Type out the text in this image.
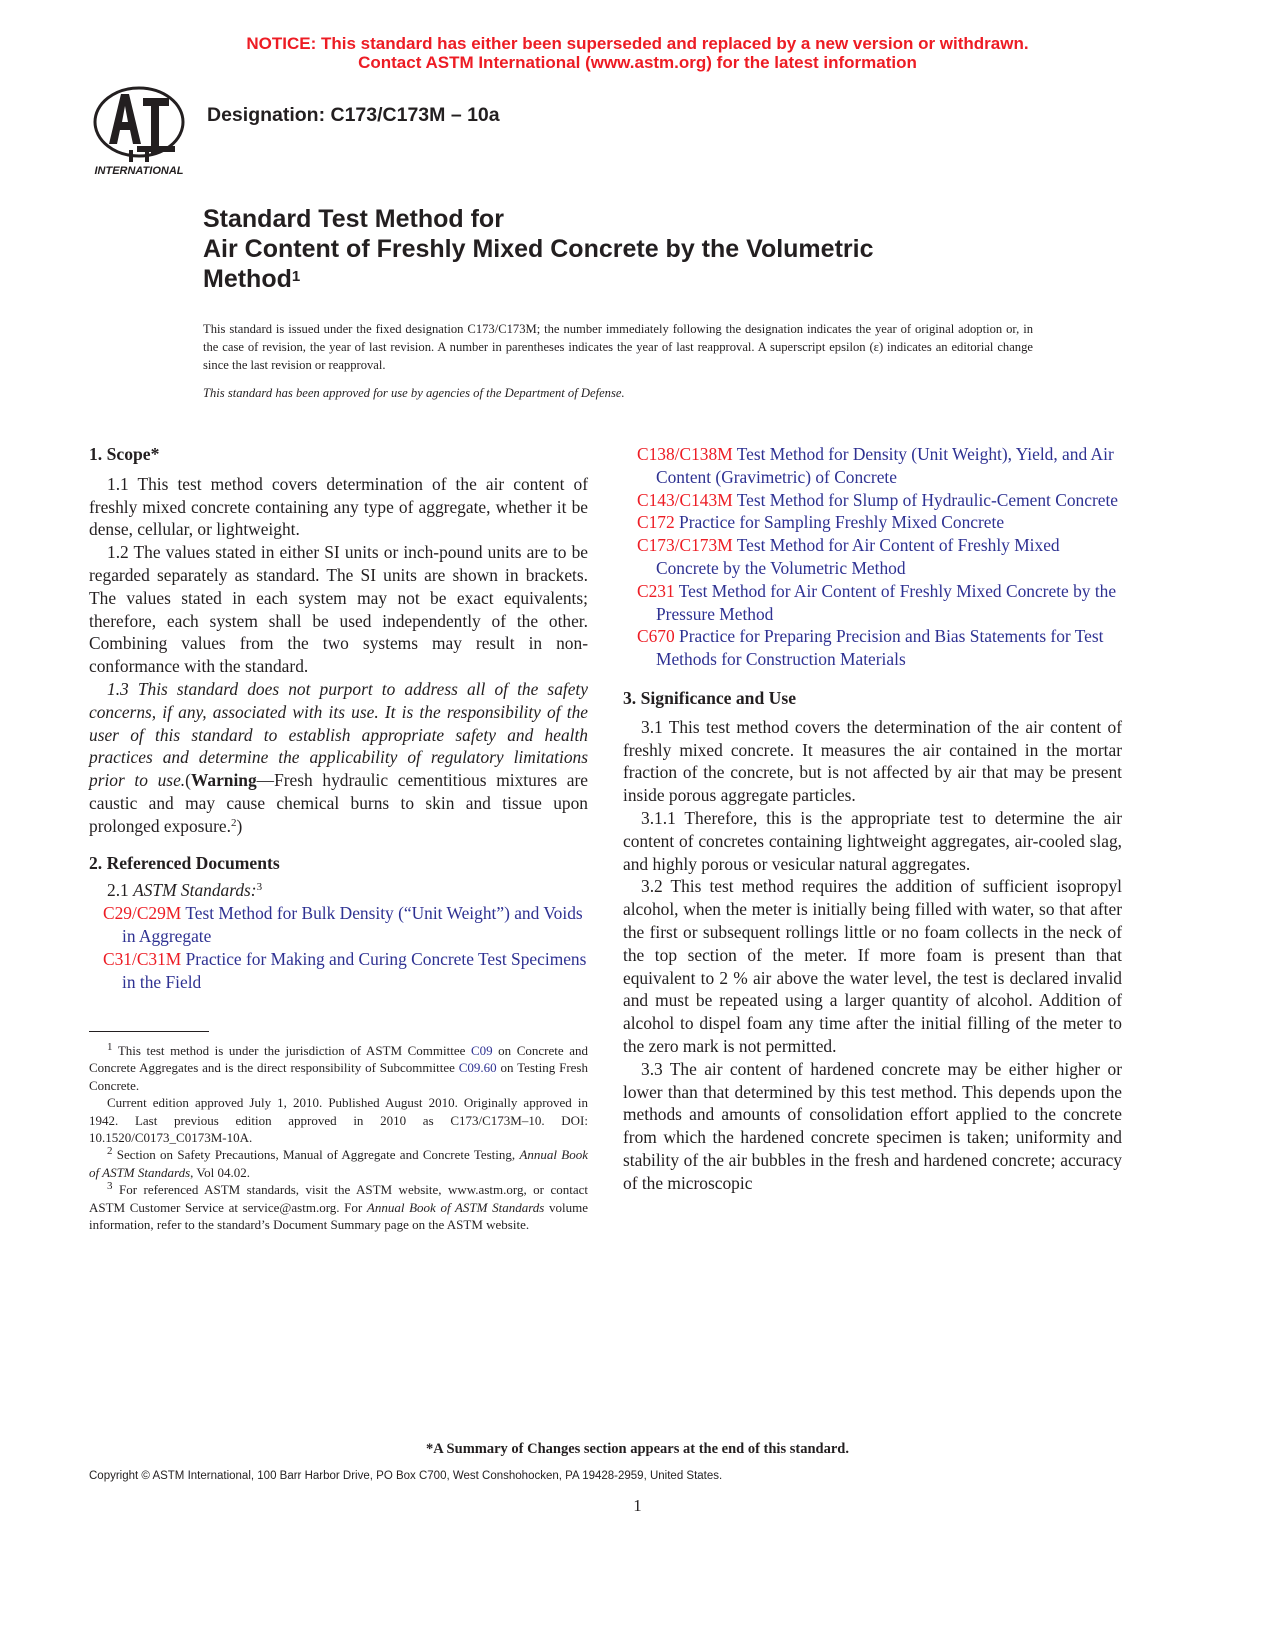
NOTICE: This standard has either been superseded and replaced by a new version or withdrawn.
Contact ASTM International (www.astm.org) for the latest information
INTERNATIONAL
Designation: C173/C173M – 10a
Standard Test Method for
Air Content of Freshly Mixed Concrete by the Volumetric
Method$^1$
This standard is issued under the fixed designation C173/C173M; the number immediately following the designation indicates the year of original adoption or, in the case of revision, the year of last revision. A number in parentheses indicates the year of last reapproval. A superscript epsilon (ε) indicates an editorial change since the last revision or reapproval.
This standard has been approved for use by agencies of the Department of Defense.
1. Scope*

1.1 This test method covers determination of the air content of freshly mixed concrete containing any type of aggregate, whether it be dense, cellular, or lightweight.

1.2 The values stated in either SI units or inch-pound units are to be regarded separately as standard. The SI units are shown in brackets. The values stated in each system may not be exact equivalents; therefore, each system shall be used independently of the other. Combining values from the two systems may result in non-conformance with the standard.

1.3 This standard does not purport to address all of the safety concerns, if any, associated with its use. It is the responsibility of the user of this standard to establish appropriate safety and health practices and determine the applicability of regulatory limitations prior to use.(Warning—Fresh hydraulic cementitious mixtures are caustic and may cause chemical burns to skin and tissue upon prolonged exposure.$^2$)

2. Referenced Documents

2.1 ASTM Standards:$^3$

C29/C29M Test Method for Bulk Density (“Unit Weight”) and Voids in Aggregate

C31/C31M Practice for Making and Curing Concrete Test Specimens in the Field

$^1$ This test method is under the jurisdiction of ASTM Committee C09 on Concrete and Concrete Aggregates and is the direct responsibility of Subcommittee C09.60 on Testing Fresh Concrete.

Current edition approved July 1, 2010. Published August 2010. Originally approved in 1942. Last previous edition approved in 2010 as C173/C173M–10. DOI: 10.1520/C0173_C0173M-10A.

$^2$ Section on Safety Precautions, Manual of Aggregate and Concrete Testing, Annual Book of ASTM Standards, Vol 04.02.

$^3$ For referenced ASTM standards, visit the ASTM website, www.astm.org, or contact ASTM Customer Service at service@astm.org. For Annual Book of ASTM Standards volume information, refer to the standard’s Document Summary page on the ASTM website.

C138/C138M Test Method for Density (Unit Weight), Yield, and Air Content (Gravimetric) of Concrete

C143/C143M Test Method for Slump of Hydraulic-Cement Concrete

C172 Practice for Sampling Freshly Mixed Concrete

C173/C173M Test Method for Air Content of Freshly Mixed Concrete by the Volumetric Method

C231 Test Method for Air Content of Freshly Mixed Concrete by the Pressure Method

C670 Practice for Preparing Precision and Bias Statements for Test Methods for Construction Materials

3. Significance and Use

3.1 This test method covers the determination of the air content of freshly mixed concrete. It measures the air contained in the mortar fraction of the concrete, but is not affected by air that may be present inside porous aggregate particles.

3.1.1 Therefore, this is the appropriate test to determine the air content of concretes containing lightweight aggregates, air-cooled slag, and highly porous or vesicular natural aggregates.

3.2 This test method requires the addition of sufficient isopropyl alcohol, when the meter is initially being filled with water, so that after the first or subsequent rollings little or no foam collects in the neck of the top section of the meter. If more foam is present than that equivalent to 2 % air above the water level, the test is declared invalid and must be repeated using a larger quantity of alcohol. Addition of alcohol to dispel foam any time after the initial filling of the meter to the zero mark is not permitted.

3.3 The air content of hardened concrete may be either higher or lower than that determined by this test method. This depends upon the methods and amounts of consolidation effort applied to the concrete from which the hardened concrete specimen is taken; uniformity and stability of the air bubbles in the fresh and hardened concrete; accuracy of the microscopic

*A Summary of Changes section appears at the end of this standard.
Copyright © ASTM International, 100 Barr Harbor Drive, PO Box C700, West Conshohocken, PA 19428-2959, United States.
1
